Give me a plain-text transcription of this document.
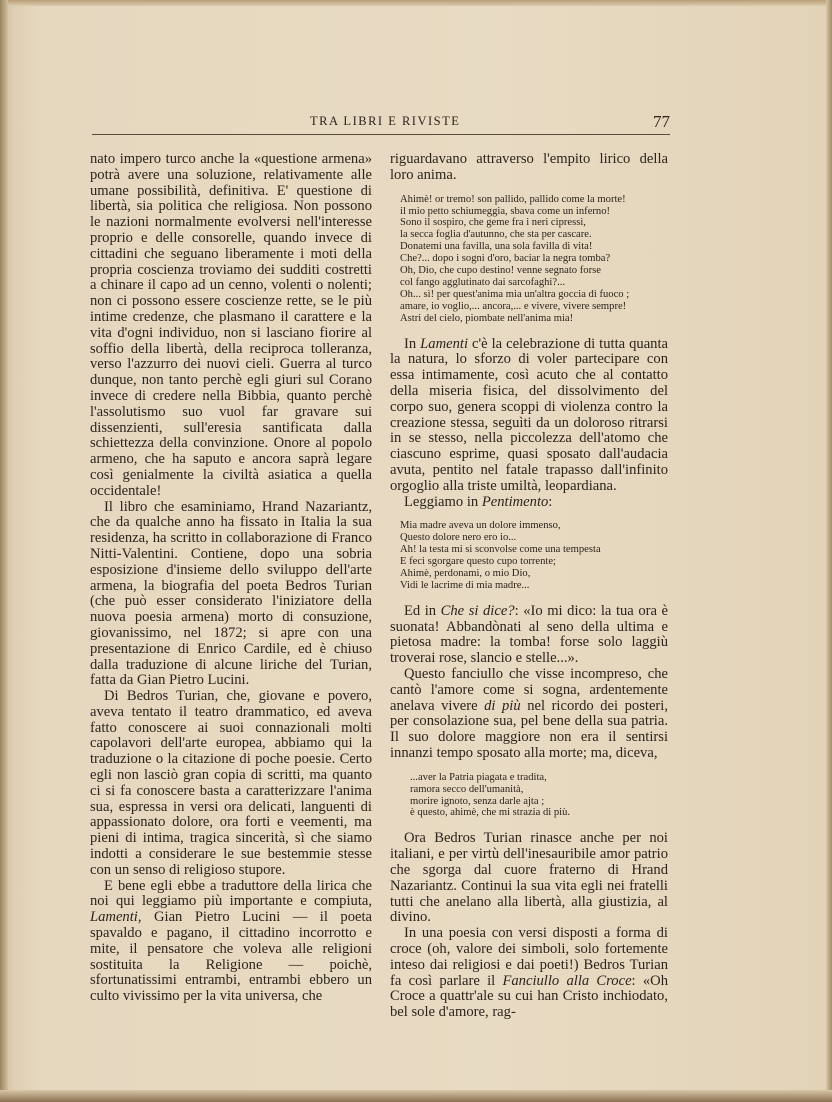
TRA LIBRI E RIVISTE	77

nato impero turco anche la «questione armena» potrà avere una soluzione, relativamente alle umane possibilità, definitiva. E' questione di libertà, sia politica che religiosa. Non possono le nazioni normalmente evolversi nell'interesse proprio e delle consorelle, quando invece di cittadini che seguano liberamente i moti della propria coscienza troviamo dei sudditi costretti a chinare il capo ad un cenno, volenti o nolenti; non ci possono essere coscienze rette, se le più intime credenze, che plasmano il carattere e la vita d'ogni individuo, non si lasciano fiorire al soffio della libertà, della reciproca tolleranza, verso l'azzurro dei nuovi cieli. Guerra al turco dunque, non tanto perchè egli giuri sul Corano invece di credere nella Bibbia, quanto perchè l'assolutismo suo vuol far gravare sui dissenzienti, sull'eresia santificata dalla schiettezza della convinzione. Onore al popolo armeno, che ha saputo e ancora saprà legare così genialmente la civiltà asiatica a quella occidentale!

Il libro che esaminiamo, Hrand Nazariantz, che da qualche anno ha fissato in Italia la sua residenza, ha scritto in collaborazione di Franco Nitti-Valentini. Contiene, dopo una sobria esposizione d'insieme dello sviluppo dell'arte armena, la biografia del poeta Bedros Turian (che può esser considerato l'iniziatore della nuova poesia armena) morto di consuzione, giovanissimo, nel 1872; si apre con una presentazione di Enrico Cardile, ed è chiuso dalla traduzione di alcune liriche del Turian, fatta da Gian Pietro Lucini.

Di Bedros Turian, che, giovane e povero, aveva tentato il teatro drammatico, ed aveva fatto conoscere ai suoi connazionali molti capolavori dell'arte europea, abbiamo qui la traduzione o la citazione di poche poesie. Certo egli non lasciò gran copia di scritti, ma quanto ci si fa conoscere basta a caratterizzare l'anima sua, espressa in versi ora delicati, languenti di appassionato dolore, ora forti e veementi, ma pieni di intima, tragica sincerità, sì che siamo indotti a considerare le sue bestemmie stesse con un senso di religioso stupore.

E bene egli ebbe a traduttore della lirica che noi qui leggiamo più importante e compiuta, Lamenti, Gian Pietro Lucini — il poeta spavaldo e pagano, il cittadino incorrotto e mite, il pensatore che voleva alle religioni sostituita la Religione — poichè, sfortunatissimi entrambi, entrambi ebbero un culto vivissimo per la vita universa, che

riguardavano attraverso l'empito lirico della loro anima.

Ahimè! or tremo! son pallido, pallido come la morte!
il mio petto schiumeggia, sbava come un inferno!
Sono il sospiro, che geme fra i neri cipressi,
la secca foglia d'autunno, che sta per cascare.
Donatemi una favilla, una sola favilla di vita!
Che?... dopo i sogni d'oro, baciar la negra tomba?
Oh, Dio, che cupo destino! venne segnato forse
col fango agglutinato dai sarcofaghi?...
Oh... sì! per quest'anima mia un'altra goccia di fuoco ;
amare, io voglio,... ancora,... e vivere, vivere sempre!
Astri del cielo, piombate nell'anima mia!

In Lamenti c'è la celebrazione di tutta quanta la natura, lo sforzo di voler partecipare con essa intimamente, così acuto che al contatto della miseria fisica, del dissolvimento del corpo suo, genera scoppi di violenza contro la creazione stessa, seguìti da un doloroso ritrarsi in se stesso, nella piccolezza dell'atomo che ciascuno esprime, quasi sposato dall'audacia avuta, pentito nel fatale trapasso dall'infinito orgoglio alla triste umiltà, leopardiana.

Leggiamo in Pentimento:

Mia madre aveva un dolore immenso,
Questo dolore nero ero io...
Ah! la testa mi si sconvolse come una tempesta
E feci sgorgare questo cupo torrente;
Ahimè, perdonami, o mio Dio,
Vidi le lacrime di mia madre...

Ed in Che si dice?: «Io mi dico: la tua ora è suonata! Abbandònati al seno della ultima e pietosa madre: la tomba! forse solo laggiù troverai rose, slancio e stelle...».

Questo fanciullo che visse incompreso, che cantò l'amore come si sogna, ardentemente anelava vivere di più nel ricordo dei posteri, per consolazione sua, pel bene della sua patria. Il suo dolore maggiore non era il sentirsi innanzi tempo sposato alla morte; ma, diceva,

...aver la Patria piagata e tradita,
ramora secco dell'umanità,
morire ignoto, senza darle ajta ;
è questo, ahimè, che mi strazia di più.

Ora Bedros Turian rinasce anche per noi italiani, e per virtù dell'inesauribile amor patrio che sgorga dal cuore fraterno di Hrand Nazariantz. Continui la sua vita egli nei fratelli tutti che anelano alla libertà, alla giustizia, al divino.

In una poesia con versi disposti a forma di croce (oh, valore dei simboli, solo fortemente inteso dai religiosi e dai poeti!) Bedros Turian fa così parlare il Fanciullo alla Croce: «Oh Croce a quattr'ale su cui han Cristo inchiodato, bel sole d'amore, rag-
